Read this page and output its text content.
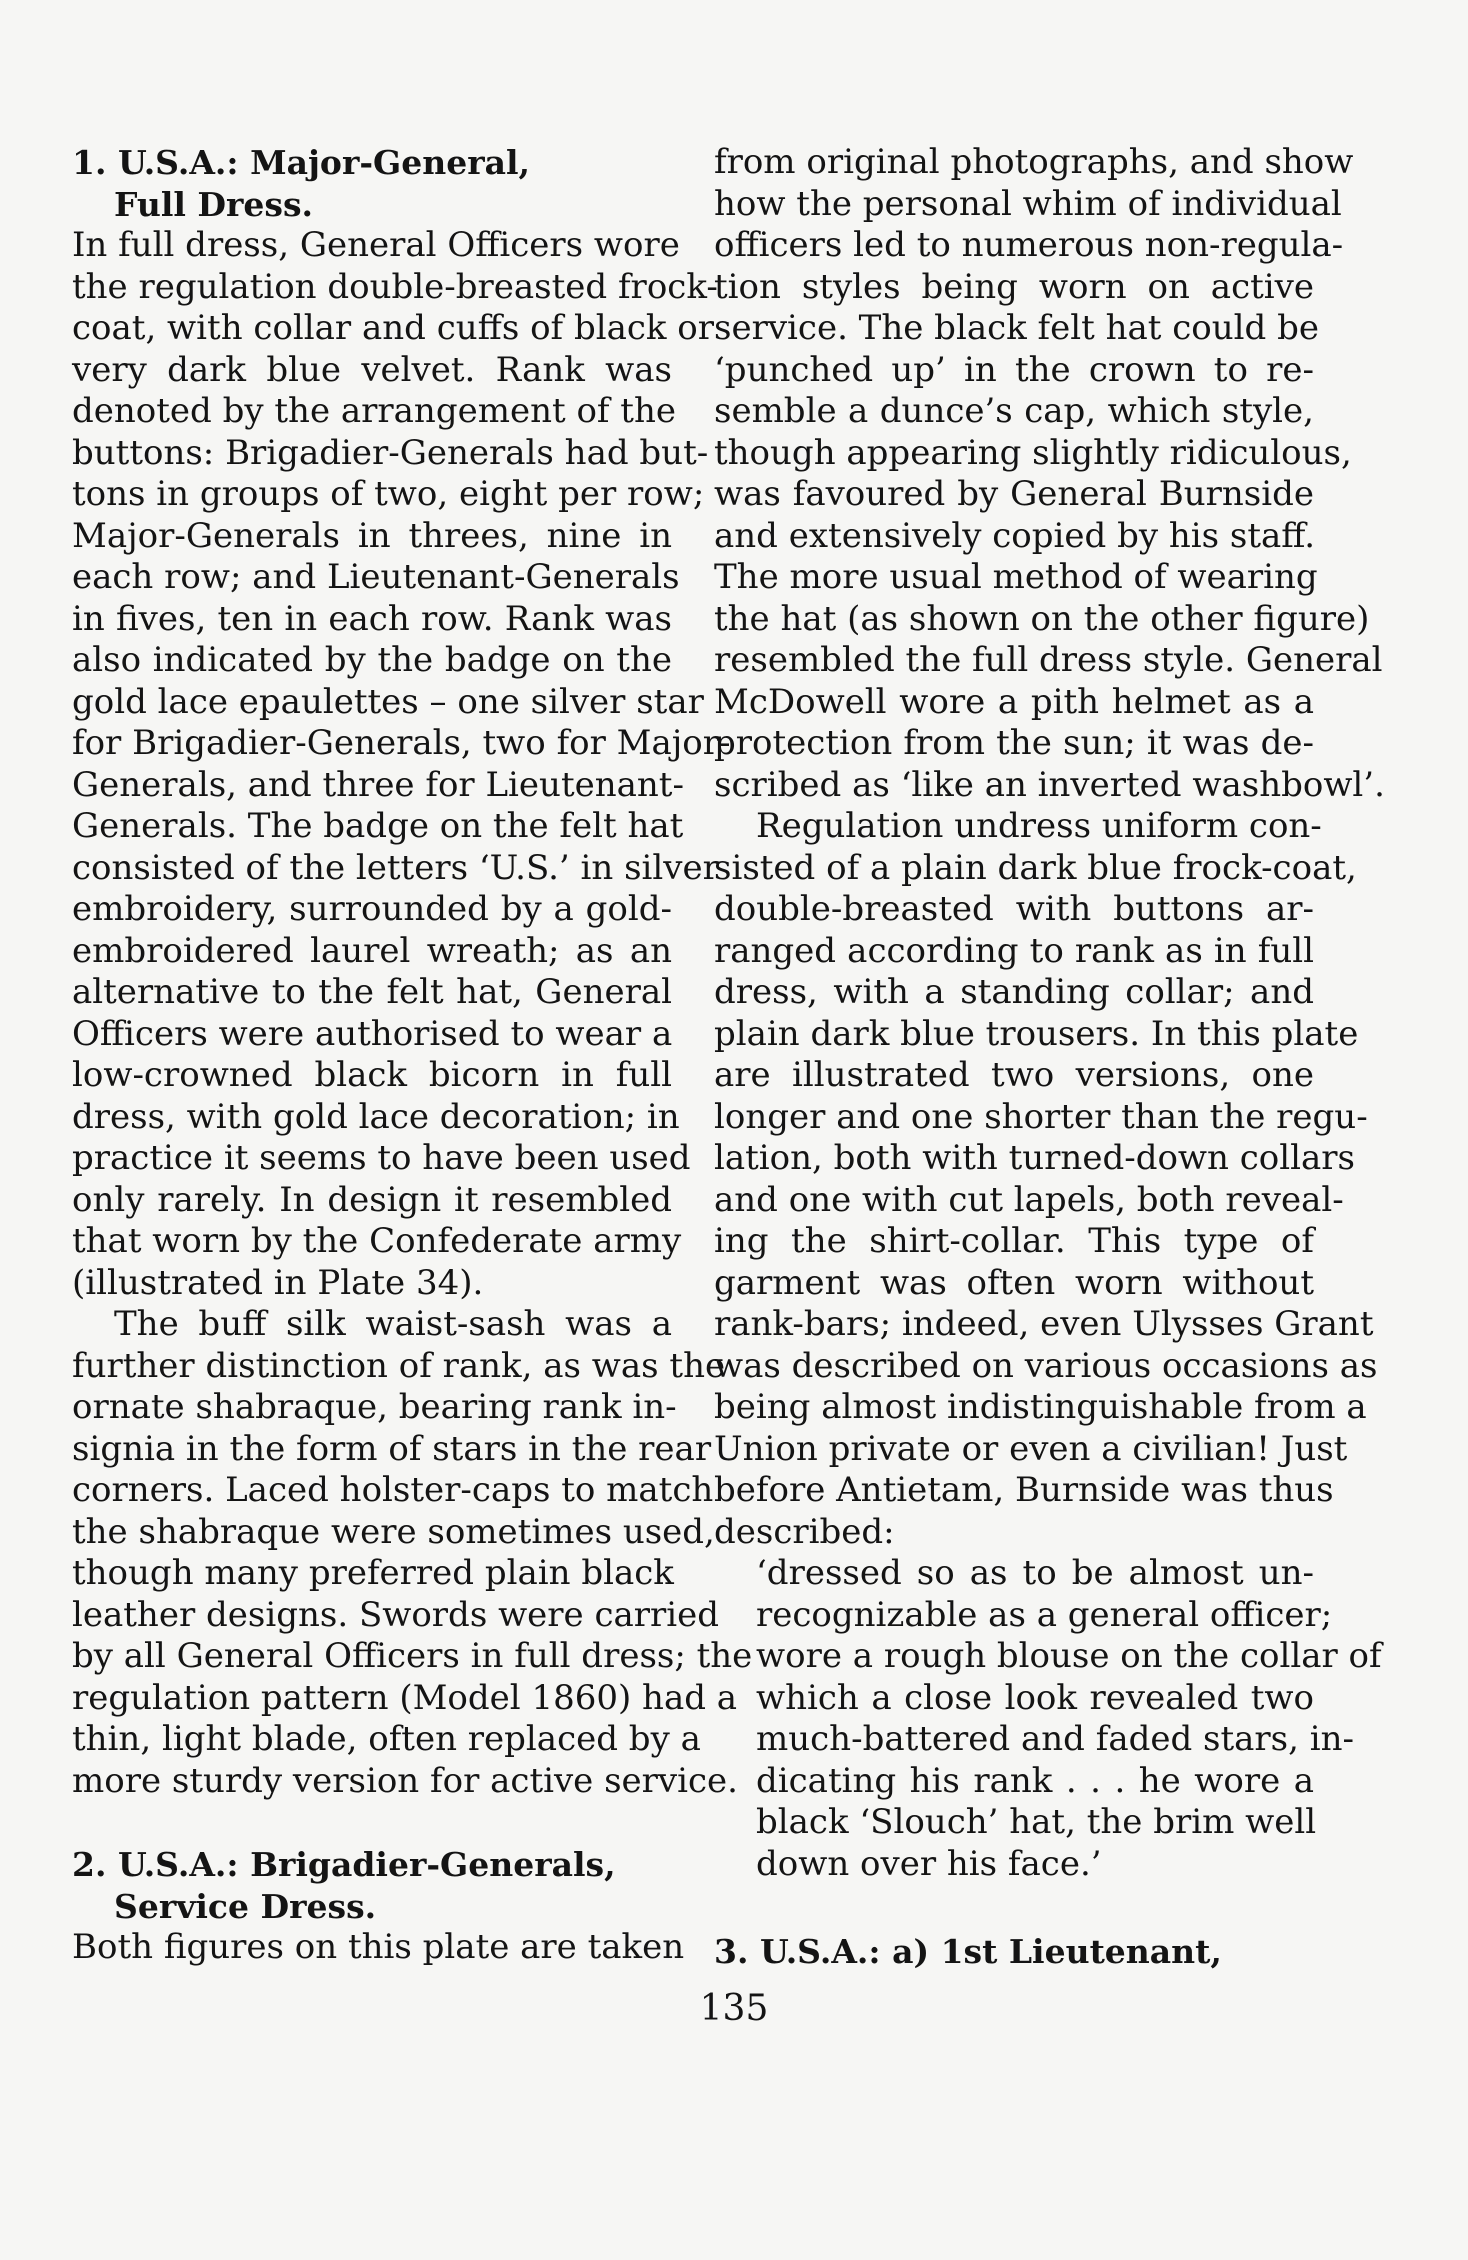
1. U.S.A.: Major-General,
Full Dress.
In full dress, General Officers wore
the regulation double-breasted frock-
coat, with collar and cuffs of black or
very dark blue velvet. Rank was
denoted by the arrangement of the
buttons: Brigadier-Generals had but-
tons in groups of two, eight per row;
Major-Generals in threes, nine in
each row; and Lieutenant-Generals
in fives, ten in each row. Rank was
also indicated by the badge on the
gold lace epaulettes – one silver star
for Brigadier-Generals, two for Major-
Generals, and three for Lieutenant-
Generals. The badge on the felt hat
consisted of the letters ‘U.S.’ in silver
embroidery, surrounded by a gold-
embroidered laurel wreath; as an
alternative to the felt hat, General
Officers were authorised to wear a
low-crowned black bicorn in full
dress, with gold lace decoration; in
practice it seems to have been used
only rarely. In design it resembled
that worn by the Confederate army
(illustrated in Plate 34).
The buff silk waist-sash was a
further distinction of rank, as was the
ornate shabraque, bearing rank in-
signia in the form of stars in the rear
corners. Laced holster-caps to match
the shabraque were sometimes used,
though many preferred plain black
leather designs. Swords were carried
by all General Officers in full dress; the
regulation pattern (Model 1860) had a
thin, light blade, often replaced by a
more sturdy version for active service.
2. U.S.A.: Brigadier-Generals,
Service Dress.
Both figures on this plate are taken
from original photographs, and show
how the personal whim of individual
officers led to numerous non-regula-
tion styles being worn on active
service. The black felt hat could be
‘punched up’ in the crown to re-
semble a dunce’s cap, which style,
though appearing slightly ridiculous,
was favoured by General Burnside
and extensively copied by his staff.
The more usual method of wearing
the hat (as shown on the other figure)
resembled the full dress style. General
McDowell wore a pith helmet as a
protection from the sun; it was de-
scribed as ‘like an inverted washbowl’.
Regulation undress uniform con-
sisted of a plain dark blue frock-coat,
double-breasted with buttons ar-
ranged according to rank as in full
dress, with a standing collar; and
plain dark blue trousers. In this plate
are illustrated two versions, one
longer and one shorter than the regu-
lation, both with turned-down collars
and one with cut lapels, both reveal-
ing the shirt-collar. This type of
garment was often worn without
rank-bars; indeed, even Ulysses Grant
was described on various occasions as
being almost indistinguishable from a
Union private or even a civilian! Just
before Antietam, Burnside was thus
described:
‘dressed so as to be almost un-
recognizable as a general officer;
wore a rough blouse on the collar of
which a close look revealed two
much-battered and faded stars, in-
dicating his rank . . . he wore a
black ‘Slouch’ hat, the brim well
down over his face.’
3. U.S.A.: a) 1st Lieutenant,
135
